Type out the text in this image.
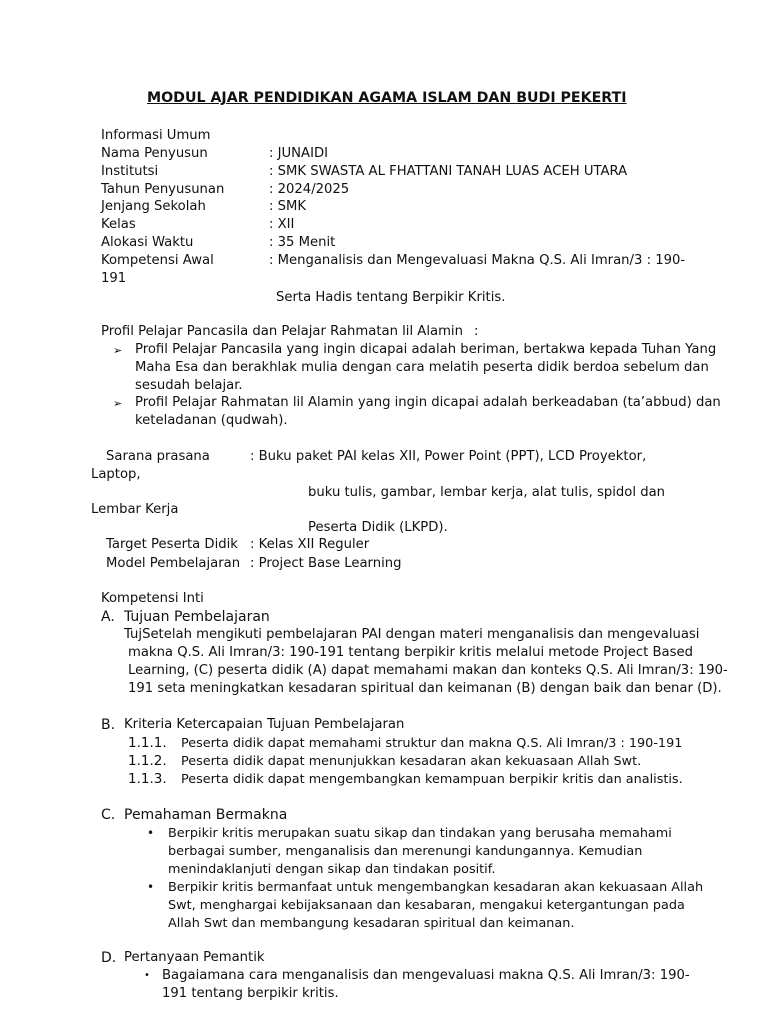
MODUL AJAR PENDIDIKAN AGAMA ISLAM DAN BUDI PEKERTI
Informasi Umum
Nama Penyusun	: JUNAIDI
Institutsi	: SMK SWASTA AL FHATTANI TANAH LUAS ACEH UTARA
Tahun Penyusunan	: 2024/2025
Jenjang Sekolah	: SMK
Kelas	: XII
Alokasi Waktu	: 35 Menit
Kompetensi Awal	: Menganalisis dan Mengevaluasi Makna Q.S. Ali Imran/3 : 190-
191
Serta Hadis tentang Berpikir Kritis.
Profil Pelajar Pancasila dan Pelajar Rahmatan lil Alamin :
➢ Profil Pelajar Pancasila yang ingin dicapai adalah beriman, bertakwa kepada Tuhan Yang
Maha Esa dan berakhlak mulia dengan cara melatih peserta didik berdoa sebelum dan
sesudah belajar.
➢ Profil Pelajar Rahmatan lil Alamin yang ingin dicapai adalah berkeadaban (ta’abbud) dan
keteladanan (qudwah).
Sarana prasana	: Buku paket PAI kelas XII, Power Point (PPT), LCD Proyektor,
Laptop,
buku tulis, gambar, lembar kerja, alat tulis, spidol dan
Lembar Kerja
Peserta Didik (LKPD).
Target Peserta Didik : Kelas XII Reguler
Model Pembelajaran : Project Base Learning
Kompetensi Inti
A. Tujuan Pembelajaran
TujSetelah mengikuti pembelajaran PAI dengan materi menganalisis dan mengevaluasi
makna Q.S. Ali Imran/3: 190-191 tentang berpikir kritis melalui metode Project Based
Learning, (C) peserta didik (A) dapat memahami makan dan konteks Q.S. Ali Imran/3: 190-
191 seta meningkatkan kesadaran spiritual dan keimanan (B) dengan baik dan benar (D).
B. Kriteria Ketercapaian Tujuan Pembelajaran
1.1.1. Peserta didik dapat memahami struktur dan makna Q.S. Ali Imran/3 : 190-191
1.1.2. Peserta didik dapat menunjukkan kesadaran akan kekuasaan Allah Swt.
1.1.3. Peserta didik dapat mengembangkan kemampuan berpikir kritis dan analistis.
C. Pemahaman Bermakna
• Berpikir kritis merupakan suatu sikap dan tindakan yang berusaha memahami
berbagai sumber, menganalisis dan merenungi kandungannya. Kemudian
menindaklanjuti dengan sikap dan tindakan positif.
• Berpikir kritis bermanfaat untuk mengembangkan kesadaran akan kekuasaan Allah
Swt, menghargai kebijaksanaan dan kesabaran, mengakui ketergantungan pada
Allah Swt dan membangung kesadaran spiritual dan keimanan.
D. Pertanyaan Pemantik
• Bagaiamana cara menganalisis dan mengevaluasi makna Q.S. Ali Imran/3: 190-
191 tentang berpikir kritis.
